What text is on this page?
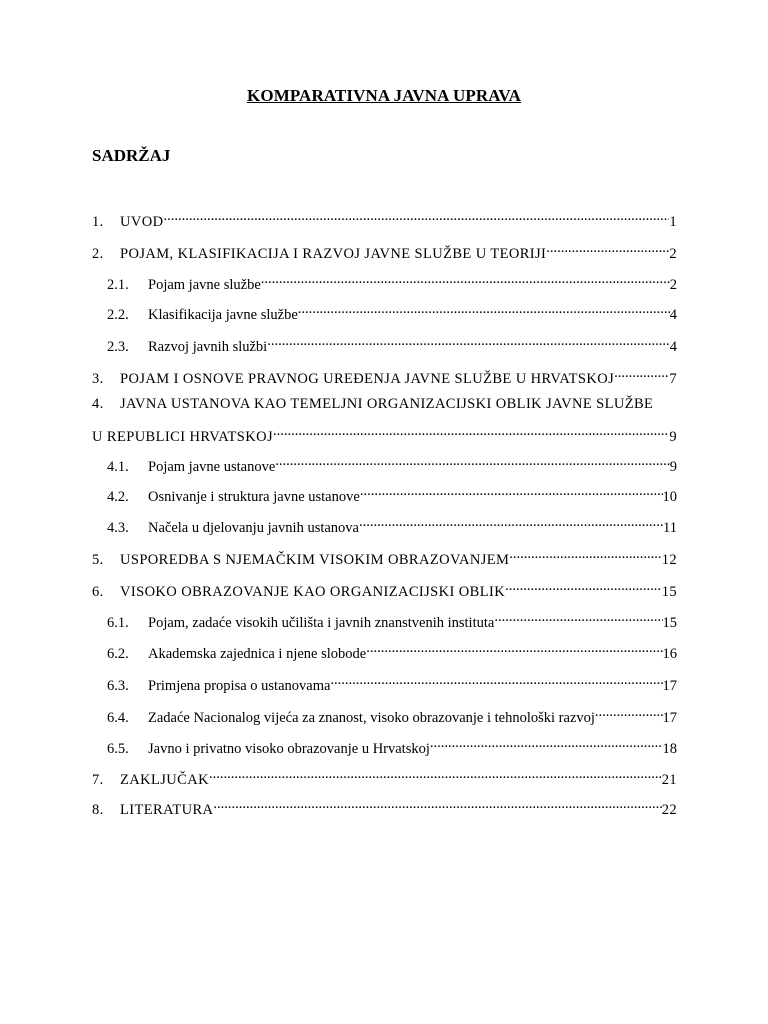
KOMPARATIVNA JAVNA UPRAVA
SADRŽAJ
1.	UVOD .....	1
2.	POJAM, KLASIFIKACIJA I RAZVOJ JAVNE SLUŽBE U TEORIJI .....	2
2.1.	Pojam javne službe .....	2
2.2.	Klasifikacija javne službe .....	4
2.3.	Razvoj javnih službi .....	4
3.	POJAM I OSNOVE PRAVNOG UREĐENJA JAVNE SLUŽBE U HRVATSKOJ .....	7
4. JAVNA USTANOVA KAO TEMELJNI ORGANIZACIJSKI OBLIK JAVNE SLUŽBE
U REPUBLICI HRVATSKOJ .....	9
4.1.	Pojam javne ustanove .....	9
4.2.	Osnivanje i struktura javne ustanove .....	10
4.3.	Načela u djelovanju javnih ustanova .....	11
5.	USPOREDBA S NJEMAČKIM VISOKIM OBRAZOVANJEM .....	12
6.	VISOKO OBRAZOVANJE KAO ORGANIZACIJSKI OBLIK .....	15
6.1.	Pojam, zadaće visokih učilišta i javnih znanstvenih instituta .....	15
6.2.	Akademska zajednica i njene slobode .....	16
6.3.	Primjena propisa o ustanovama .....	17
6.4.	Zadaće Nacionalog vijeća za znanost, visoko obrazovanje i tehnološki razvoj .....	17
6.5.	Javno i privatno visoko obrazovanje u Hrvatskoj .....	18
7.	ZAKLJUČAK .....	21
8.	LITERATURA .....	22
